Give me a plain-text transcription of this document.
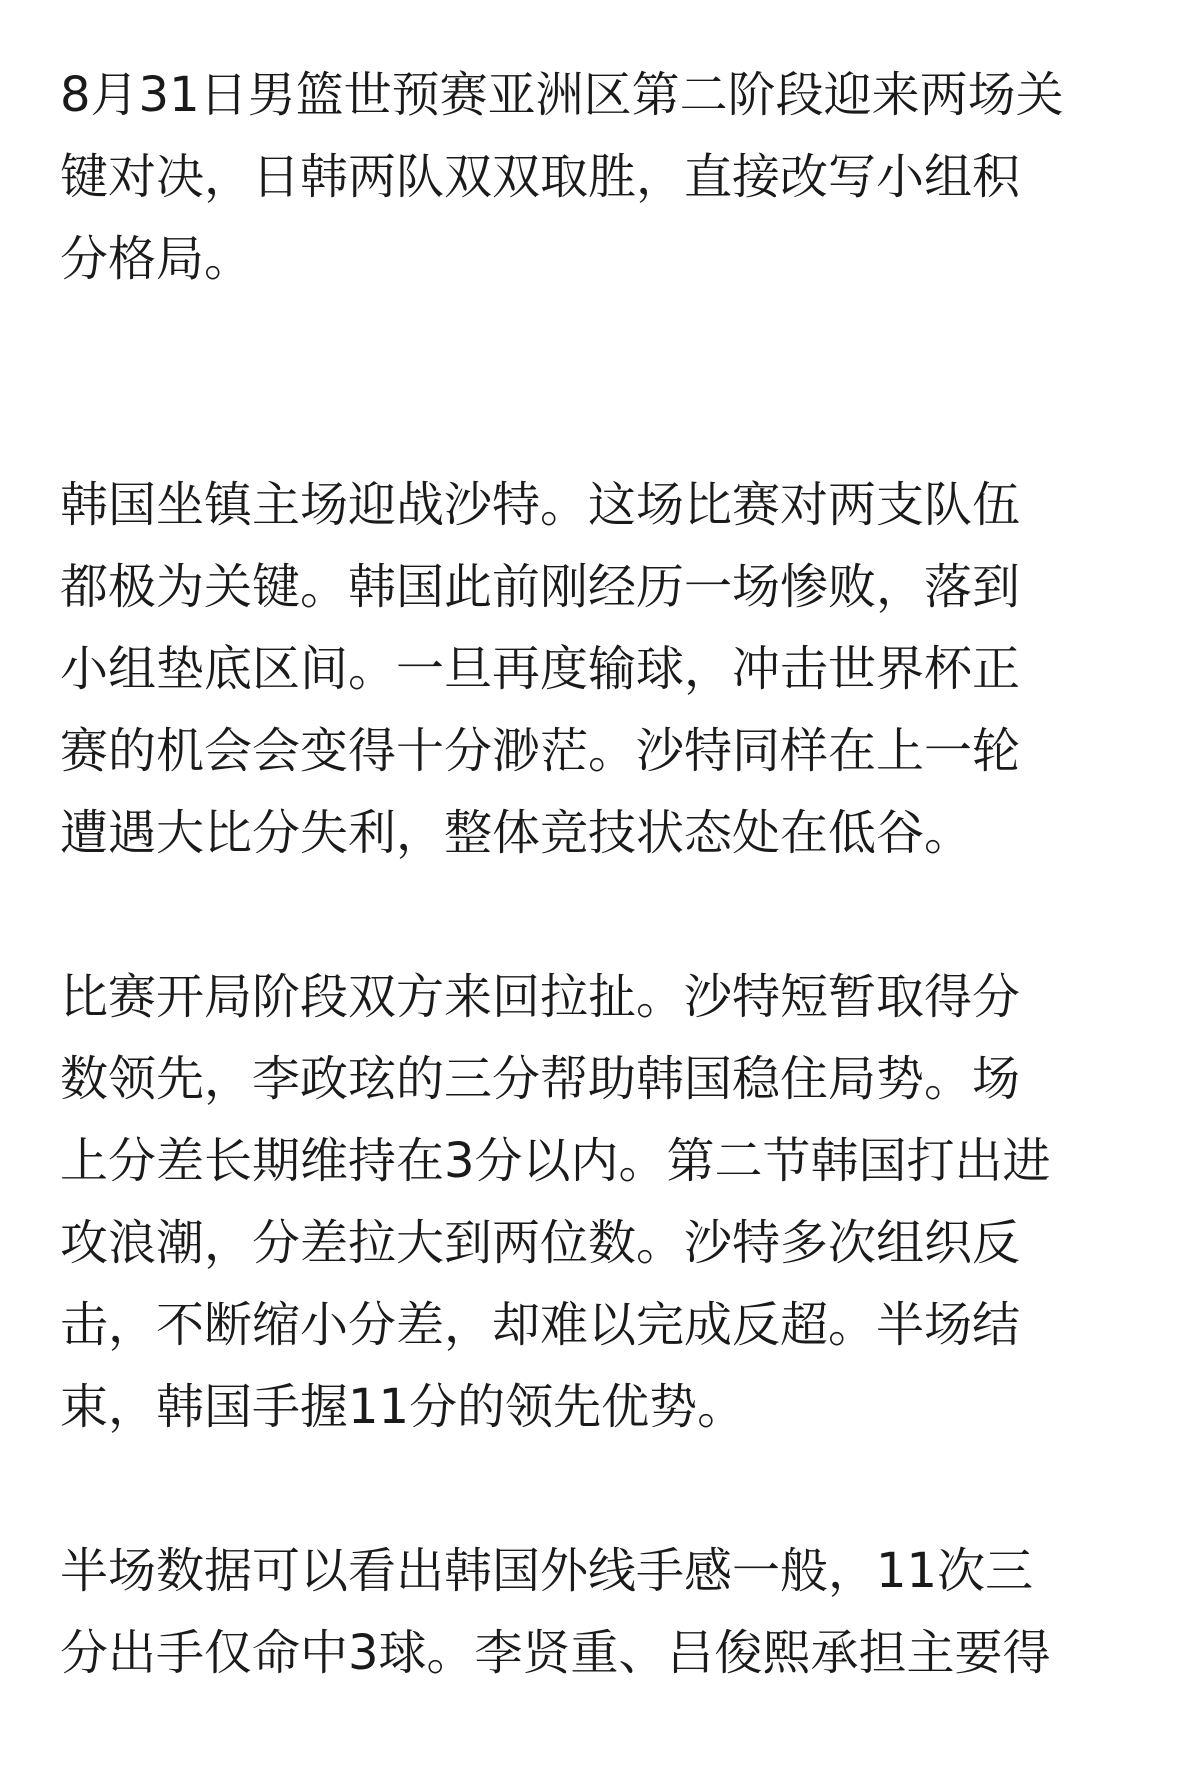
8月31日男篮世预赛亚洲区第二阶段迎来两场关
键对决，日韩两队双双取胜，直接改写小组积
分格局。

韩国坐镇主场迎战沙特。这场比赛对两支队伍
都极为关键。韩国此前刚经历一场惨败，落到
小组垫底区间。一旦再度输球，冲击世界杯正
赛的机会会变得十分渺茫。沙特同样在上一轮
遭遇大比分失利，整体竞技状态处在低谷。

比赛开局阶段双方来回拉扯。沙特短暂取得分
数领先，李政玹的三分帮助韩国稳住局势。场
上分差长期维持在3分以内。第二节韩国打出进
攻浪潮，分差拉大到两位数。沙特多次组织反
击，不断缩小分差，却难以完成反超。半场结
束，韩国手握11分的领先优势。

半场数据可以看出韩国外线手感一般，11次三
分出手仅命中3球。李贤重、吕俊熙承担主要得
